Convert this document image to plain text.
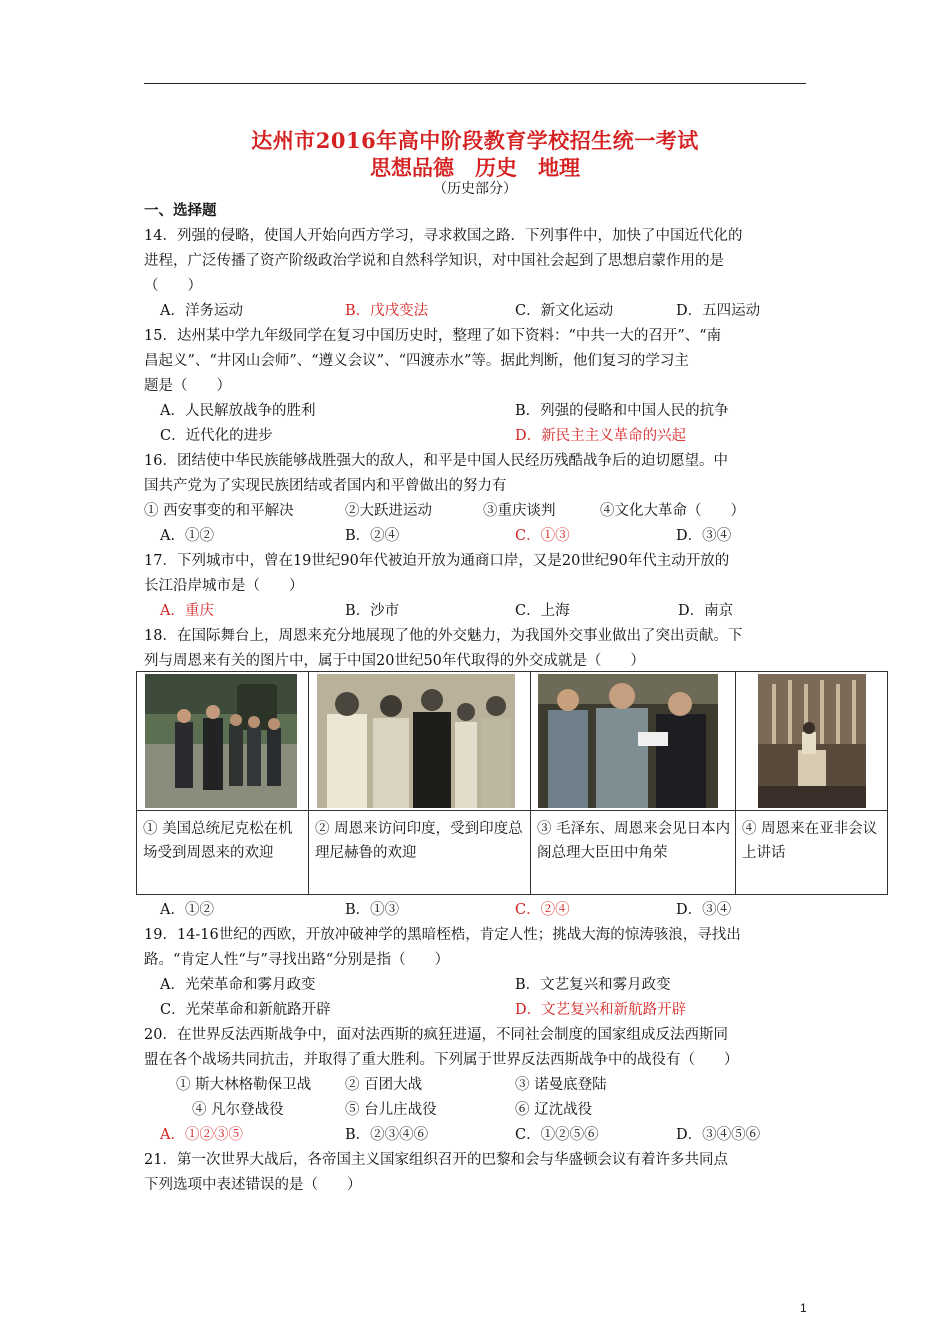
达州市2016年高中阶段教育学校招生统一考试
思想品德　历史　地理
（历史部分）
一、选择题
14．列强的侵略，使国人开始向西方学习，寻求救国之路．下列事件中，加快了中国近代化的
进程，广泛传播了资产阶级政治学说和自然科学知识，对中国社会起到了思想启蒙作用的是
（　　）
A．洋务运动	B．戊戌变法	C．新文化运动	D．五四运动
15．达州某中学九年级同学在复习中国历史时，整理了如下资料：“中共一大的召开”、“南
昌起义”、“井冈山会师”、“遵义会议”、“四渡赤水”等。据此判断，他们复习的学习主
题是（　　）
A．人民解放战争的胜利	B．列强的侵略和中国人民的抗争
C．近代化的进步	D．新民主主义革命的兴起
16．团结使中华民族能够战胜强大的敌人，和平是中国人民经历残酷战争后的迫切愿望。中
国共产党为了实现民族团结或者国内和平曾做出的努力有
① 西安事变的和平解决	②大跃进运动	③重庆谈判	④文化大革命（　　）
A．①②	B．②④	C．①③	D．③④
17．下列城市中，曾在19世纪90年代被迫开放为通商口岸，又是20世纪90年代主动开放的
长江沿岸城市是（　　）
A．重庆	B．沙市	C．上海	D．南京
18．在国际舞台上，周恩来充分地展现了他的外交魅力，为我国外交事业做出了突出贡献。下
列与周恩来有关的图片中，属于中国20世纪50年代取得的外交成就是（　　）

① 美国总统尼克松在机场受到周恩来的欢迎	② 周恩来访问印度，受到印度总理尼赫鲁的欢迎	③ 毛泽东、周恩来会见日本内阁总理大臣田中角荣	④ 周恩来在亚非会议上讲话
A．①②	B．①③	C．②④	D．③④
19．14-16世纪的西欧，开放冲破神学的黑暗桎梏，肯定人性；挑战大海的惊涛骇浪，寻找出
路。“肯定人性“与”寻找出路“分别是指（　　）
A．光荣革命和雾月政变	B．文艺复兴和雾月政变
C．光荣革命和新航路开辟	D．文艺复兴和新航路开辟
20．在世界反法西斯战争中，面对法西斯的疯狂进逼，不同社会制度的国家组成反法西斯同
盟在各个战场共同抗击，并取得了重大胜利。下列属于世界反法西斯战争中的战役有（　　）
① 斯大林格勒保卫战 ② 百团大战	③ 诺曼底登陆
④ 凡尔登战役	⑤ 台儿庄战役	⑥ 辽沈战役
A．①②③⑤	B．②③④⑥	C．①②⑤⑥	D．③④⑤⑥
21．第一次世界大战后，各帝国主义国家组织召开的巴黎和会与华盛顿会议有着许多共同点
下列选项中表述错误的是（　　）
1
